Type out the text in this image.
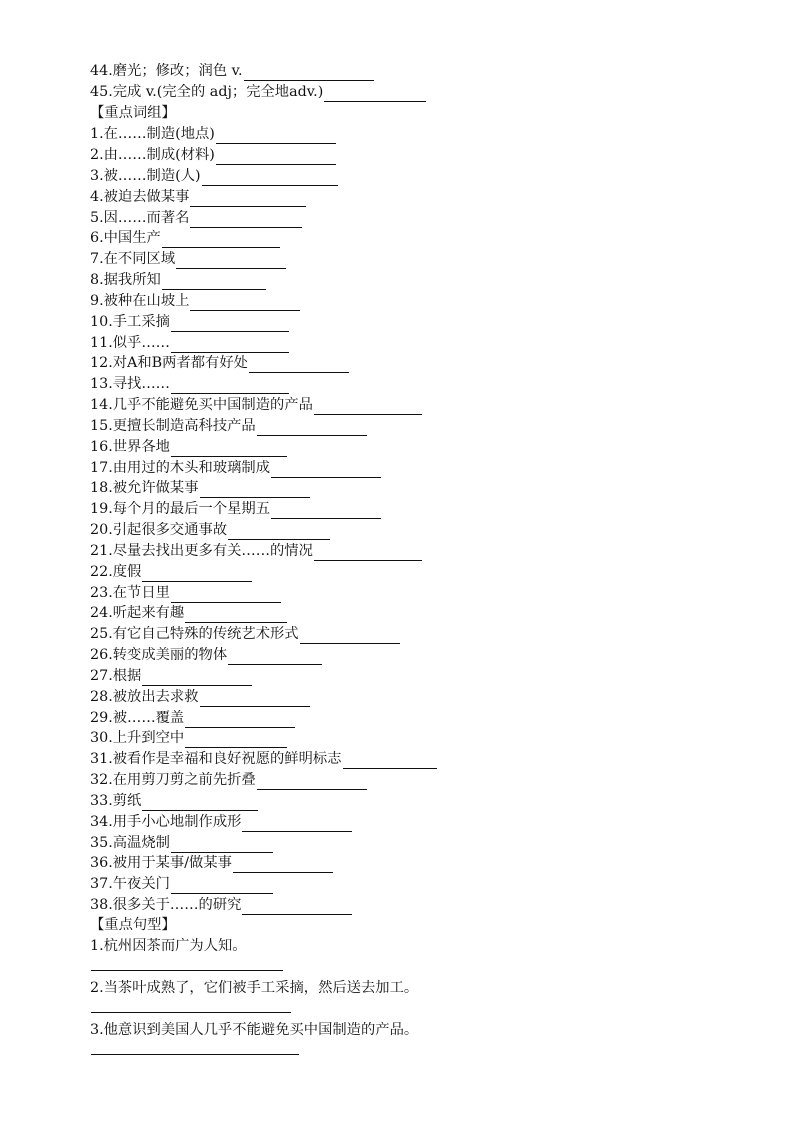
44.磨光；修改；润色 v.
45.完成 v.(完全的 adj；完全地adv.)
【重点词组】
1.在……制造(地点)
2.由……制成(材料)
3.被……制造(人)
4.被迫去做某事
5.因……而著名
6.中国生产
7.在不同区域
8.据我所知
9.被种在山坡上
10.手工采摘
11.似乎……
12.对A和B两者都有好处
13.寻找……
14.几乎不能避免买中国制造的产品
15.更擅长制造高科技产品
16.世界各地
17.由用过的木头和玻璃制成
18.被允许做某事
19.每个月的最后一个星期五
20.引起很多交通事故
21.尽量去找出更多有关……的情况
22.度假
23.在节日里
24.听起来有趣
25.有它自己特殊的传统艺术形式
26.转变成美丽的物体
27.根据
28.被放出去求救
29.被……覆盖
30.上升到空中
31.被看作是幸福和良好祝愿的鲜明标志
32.在用剪刀剪之前先折叠
33.剪纸
34.用手小心地制作成形
35.高温烧制
36.被用于某事/做某事
37.午夜关门
38.很多关于……的研究
【重点句型】
1.杭州因茶而广为人知。
2.当茶叶成熟了，它们被手工采摘，然后送去加工。
3.他意识到美国人几乎不能避免买中国制造的产品。
